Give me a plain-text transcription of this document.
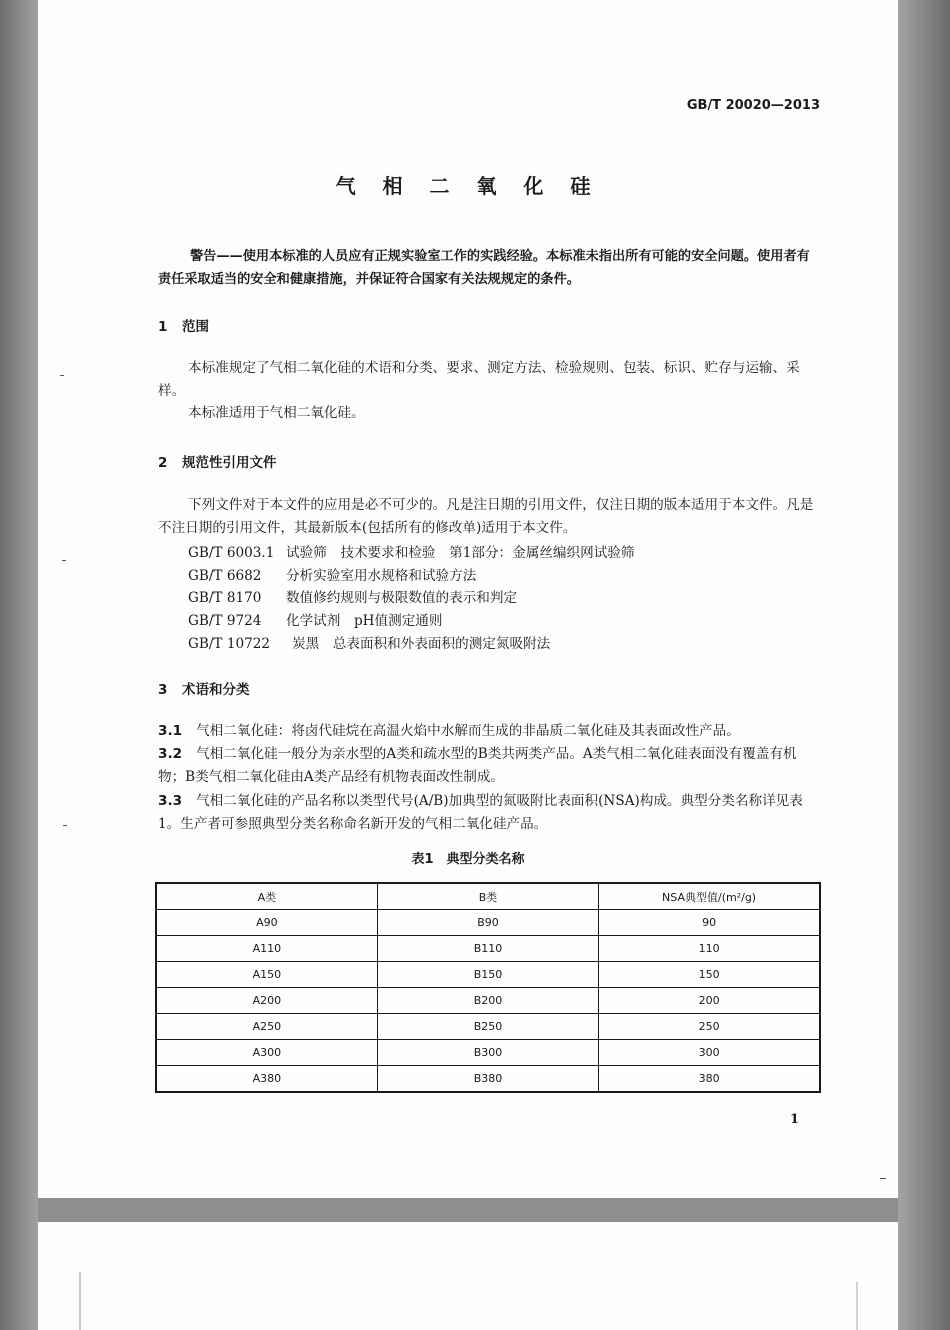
GB/T 20020—2013
气 相 二 氧 化 硅
警告——使用本标准的人员应有正规实验室工作的实践经验。本标准未指出所有可能的安全问题。使用者有责任采取适当的安全和健康措施，并保证符合国家有关法规规定的条件。
1 范围
本标准规定了气相二氧化硅的术语和分类、要求、测定方法、检验规则、包装、标识、贮存与运输、采样。
本标准适用于气相二氧化硅。
2 规范性引用文件
下列文件对于本文件的应用是必不可少的。凡是注日期的引用文件，仅注日期的版本适用于本文件。凡是不注日期的引用文件，其最新版本(包括所有的修改单)适用于本文件。
GB/T 6003.1 试验筛　技术要求和检验　第1部分：金属丝编织网试验筛
GB/T 6682 分析实验室用水规格和试验方法
GB/T 8170 数值修约规则与极限数值的表示和判定
GB/T 9724 化学试剂　pH值测定通则
GB/T 10722 炭黑　总表面积和外表面积的测定氮吸附法
3 术语和分类
3.1 气相二氧化硅：将卤代硅烷在高温火焰中水解而生成的非晶质二氧化硅及其表面改性产品。
3.2 气相二氧化硅一般分为亲水型的A类和疏水型的B类共两类产品。A类气相二氧化硅表面没有覆盖有机物；B类气相二氧化硅由A类产品经有机物表面改性制成。
3.3 气相二氧化硅的产品名称以类型代号(A/B)加典型的氮吸附比表面积(NSA)构成。典型分类名称详见表1。生产者可参照典型分类名称命名新开发的气相二氧化硅产品。
表1　典型分类名称
A类	B类	NSA典型值/(m²/g)
A90	B90	90
A110	B110	110
A150	B150	150
A200	B200	200
A250	B250	250
A300	B300	300
A380	B380	380
1
